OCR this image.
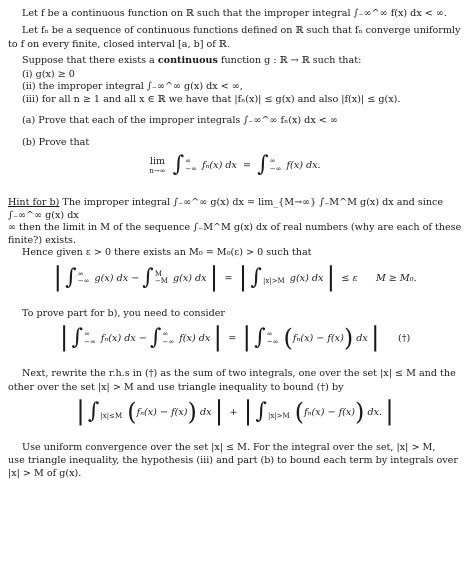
Let f be a continuous function on ℝ such that the improper integral ∫₋∞^∞ f(x) dx < ∞.

Let fₙ be a sequence of continuous functions defined on ℝ such that fₙ converge uniformly

to f on every finite, closed interval [a, b] of ℝ.

Suppose that there exists a continuous function g : ℝ → ℝ such that:

(i) g(x) ≥ 0

(ii) the improper integral ∫₋∞^∞ g(x) dx < ∞,

(iii) for all n ≥ 1 and all x ∈ ℝ we have that |fₙ(x)| ≤ g(x) and also |f(x)| ≤ g(x).

(a) Prove that each of the improper integrals ∫₋∞^∞ fₙ(x) dx < ∞

(b) Prove that

lim
n→∞ ∫ ∞
−∞ fₙ(x) dx = ∫ ∞
−∞ f(x) dx.

Hint for b) The improper integral ∫₋∞^∞ g(x) dx = lim_{M→∞} ∫₋M^M g(x) dx and since ∫₋∞^∞ g(x) dx

∞ then the limit in M of the sequence ∫₋M^M g(x) dx of real numbers (why are each of these

finite?) exists.

Hence given ε > 0 there exists an M₀ = M₀(ε) > 0 such that

| ∫ ∞
−∞ g(x) dx − ∫ M
−M g(x) dx | = | ∫
|x|>M g(x) dx | ≤ ε M ≥ M₀.

To prove part for b), you need to consider

| ∫ ∞
−∞ fₙ(x) dx − ∫ ∞
−∞ f(x) dx | = | ∫ ∞
−∞ (fₙ(x) − f(x)) dx | (†)

Next, rewrite the r.h.s in (†) as the sum of two integrals, one over the set |x| ≤ M and the

other over the set |x| > M and use triangle inequality to bound (†) by

| ∫
|x|≤M (fₙ(x) − f(x)) dx | + | ∫
|x|>M (fₙ(x) − f(x)) dx. |

Use uniform convergence over the set |x| ≤ M. For the integral over the set, |x| > M,

use triangle inequality, the hypothesis (iii) and part (b) to bound each term by integrals over

|x| > M of g(x).
